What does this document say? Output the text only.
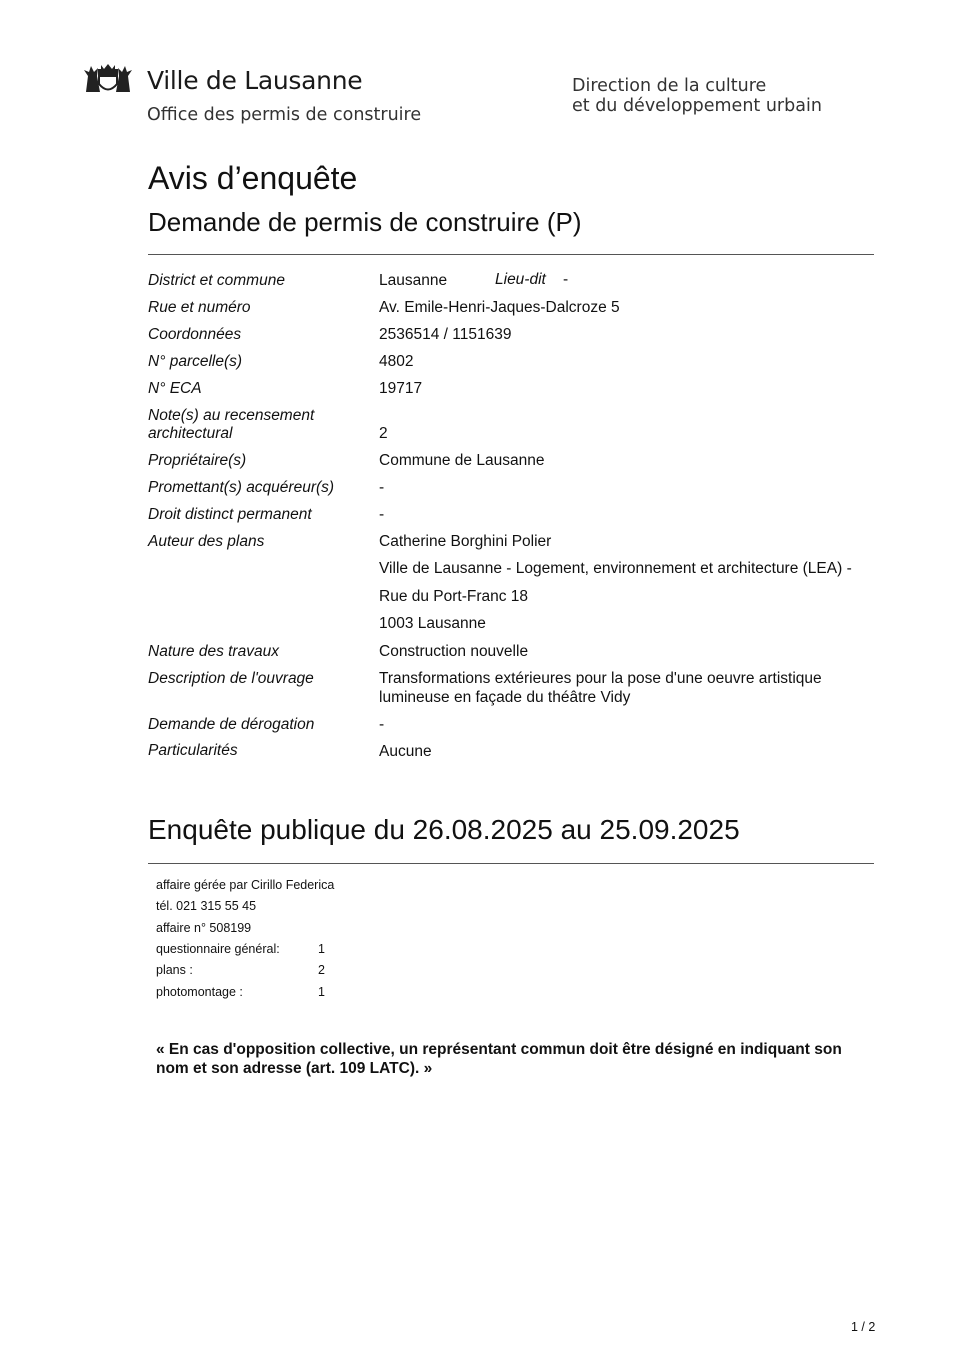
Ville de Lausanne
Office des permis de construire
Direction de la culture
et du développement urbain
Avis d’enquête
Demande de permis de construire (P)
District et commune	Lausanne	Lieu-dit -
Rue et numéro	Av. Emile-Henri-Jaques-Dalcroze 5
Coordonnées	2536514 / 1151639
N° parcelle(s)	4802
N° ECA	19717
Note(s) au recensement
architectural	2
Propriétaire(s)	Commune de Lausanne
Promettant(s) acquéreur(s)	-
Droit distinct permanent	-
Auteur des plans	Catherine Borghini Polier
Ville de Lausanne - Logement, environnement et architecture (LEA) -
Rue du Port-Franc 18
1003 Lausanne
Nature des travaux	Construction nouvelle
Description de l'ouvrage	Transformations extérieures pour la pose d'une oeuvre artistique
lumineuse en façade du théâtre Vidy
Demande de dérogation	-
Particularités	Aucune
Enquête publique du 26.08.2025 au 25.09.2025
affaire gérée par Cirillo Federica
tél. 021 315 55 45
affaire n° 508199
questionnaire général:	1
plans :	2
photomontage :	1
« En cas d'opposition collective, un représentant commun doit être désigné en indiquant son nom et son adresse (art. 109 LATC). »
1 / 2
